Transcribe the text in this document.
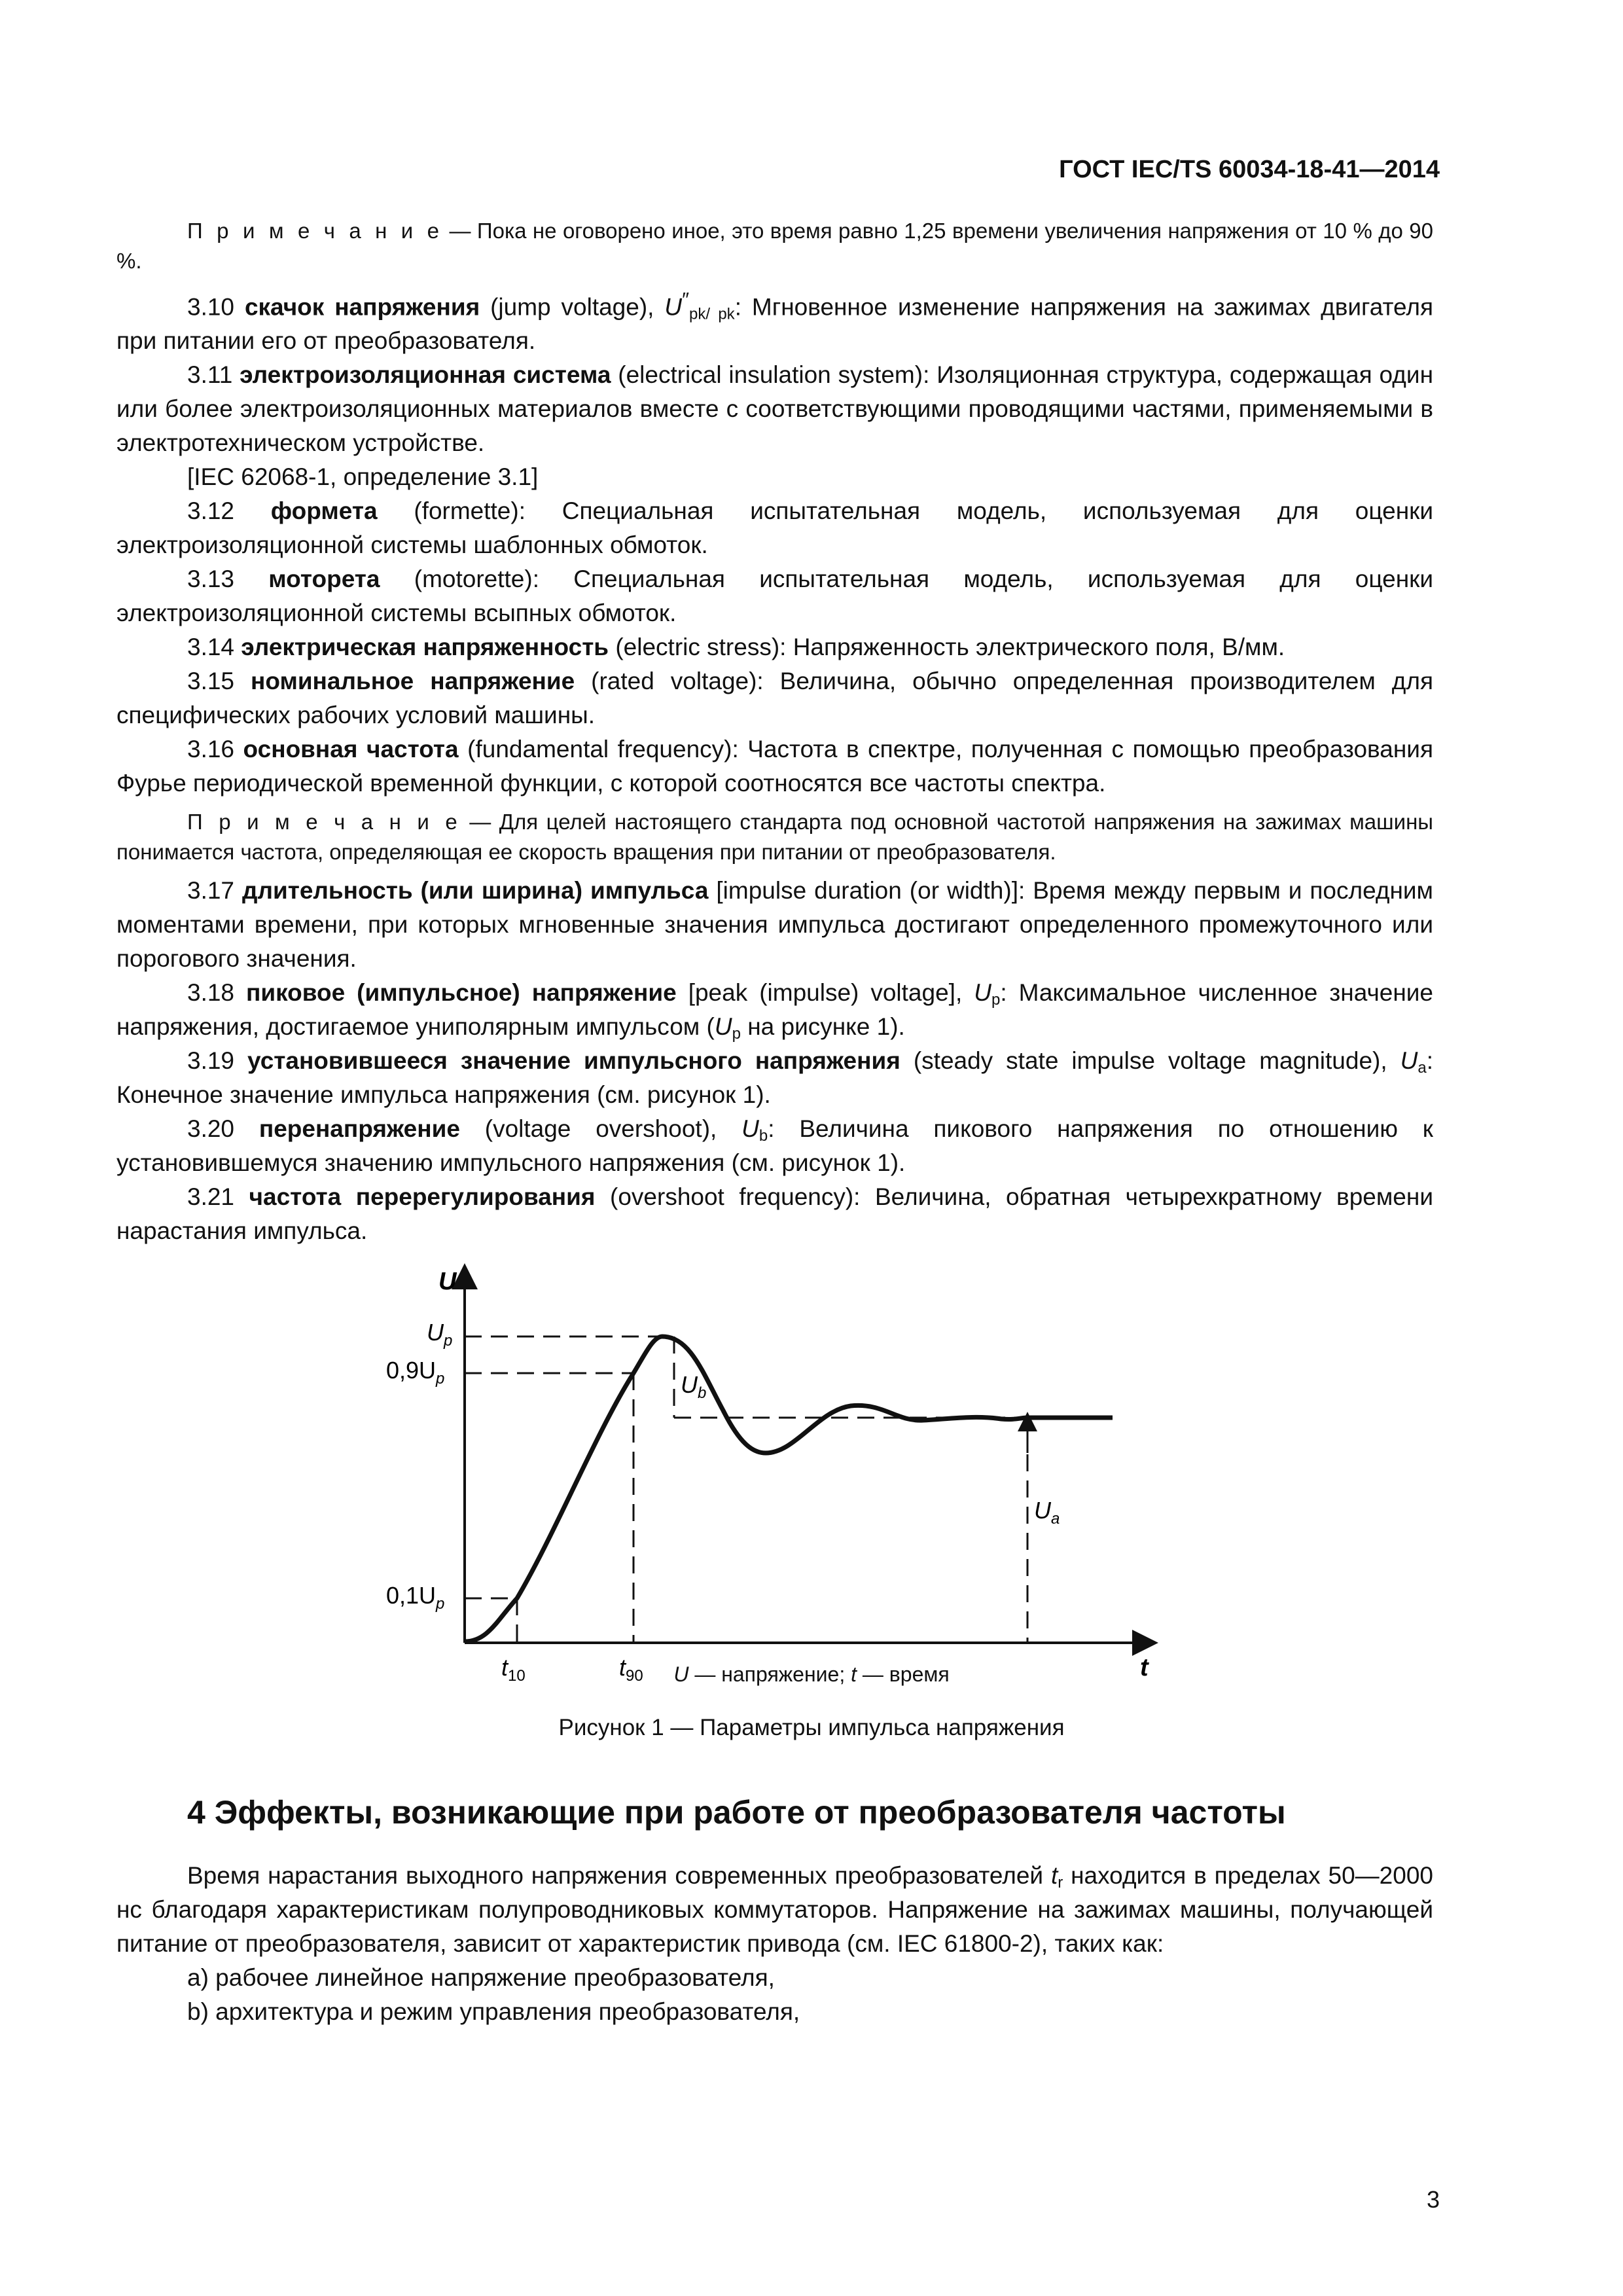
ГОСТ IEC/TS 60034-18-41—2014

П р и м е ч а н и е — Пока не оговорено иное, это время равно 1,25 времени увеличения напряжения от 10 % до 90 %.

3.10 скачок напряжения (jump voltage), $U''_{pk/ pk}$: Мгновенное изменение напряжения на зажимах двигателя при питании его от преобразователя.

3.11 электроизоляционная система (electrical insulation system): Изоляционная структура, содержащая один или более электроизоляционных материалов вместе с соответствующими проводящими частями, применяемыми в электротехническом устройстве.

[IEC 62068-1, определение 3.1]

3.12 формета (formette): Специальная испытательная модель, используемая для оценки электроизоляционной системы шаблонных обмоток.

3.13 моторета (motorette): Специальная испытательная модель, используемая для оценки электроизоляционной системы всыпных обмоток.

3.14 электрическая напряженность (electric stress): Напряженность электрического поля, В/мм.

3.15 номинальное напряжение (rated voltage): Величина, обычно определенная производителем для специфических рабочих условий машины.

3.16 основная частота (fundamental frequency): Частота в спектре, полученная с помощью преобразования Фурье периодической временной функции, с которой соотносятся все частоты спектра.

П р и м е ч а н и е — Для целей настоящего стандарта под основной частотой напряжения на зажимах машины понимается частота, определяющая ее скорость вращения при питании от преобразователя.

3.17 длительность (или ширина) импульса [impulse duration (or width)]: Время между первым и последним моментами времени, при которых мгновенные значения импульса достигают определенного промежуточного или порогового значения.

3.18 пиковое (импульсное) напряжение [peak (impulse) voltage], $U_p$: Максимальное численное значение напряжения, достигаемое униполярным импульсом ($U_p$ на рисунке 1).

3.19 установившееся значение импульсного напряжения (steady state impulse voltage magnitude), $U_a$: Конечное значение импульса напряжения (см. рисунок 1).

3.20 перенапряжение (voltage overshoot), $U_b$: Величина пикового напряжения по отношению к установившемуся значению импульсного напряжения (см. рисунок 1).

3.21 частота перерегулирования (overshoot frequency): Величина, обратная четырехкратному времени нарастания импульса.

U
t
$U_p$
$0,9U_p$
$0,1U_p$
$U_b$
$U_a$
$t_{10}$	$t_{90}$	U — напряжение; t — время
Рисунок 1 — Параметры импульса напряжения
4 Эффекты, возникающие при работе от преобразователя частоты

Время нарастания выходного напряжения современных преобразователей $t_r$ находится в пределах 50—2000 нс благодаря характеристикам полупроводниковых коммутаторов. Напряжение на зажимах машины, получающей питание от преобразователя, зависит от характеристик привода (см. IEC 61800-2), таких как:

a) рабочее линейное напряжение преобразователя,

b) архитектура и режим управления преобразователя,

3
